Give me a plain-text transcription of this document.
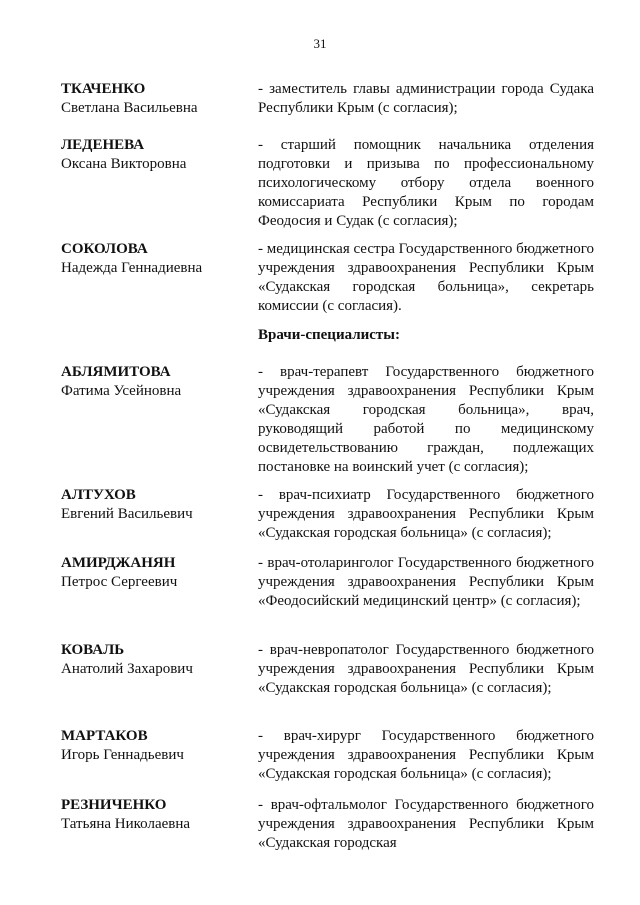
31
ТКАЧЕНКО
Светлана Васильевна
- заместитель главы администрации города Судака Республики Крым (с согласия);
ЛЕДЕНЕВА
Оксана Викторовна
- старший помощник начальника отделения подготовки и призыва по профессиональному психологическому отбору отдела военного комиссариата Республики Крым по городам Феодосия и Судак (с согласия);
СОКОЛОВА
Надежда Геннадиевна
- медицинская сестра Государственного бюджетного учреждения здравоохранения Республики Крым «Судакская городская больница», секретарь комиссии (с согласия).
Врачи-специалисты:
АБЛЯМИТОВА
Фатима Усейновна
- врач-терапевт Государственного бюджетного учреждения здравоохранения Республики Крым «Судакская городская больница», врач, руководящий работой по медицинскому освидетельствованию граждан, подлежащих постановке на воинский учет (с согласия);
АЛТУХОВ
Евгений Васильевич
- врач-психиатр Государственного бюджетного учреждения здравоохранения Республики Крым «Судакская городская больница» (с согласия);
АМИРДЖАНЯН
Петрос Сергеевич
- врач-отоларинголог Государственного бюджетного учреждения здравоохранения Республики Крым «Феодосийский медицинский центр» (с согласия);
КОВАЛЬ
Анатолий Захарович
- врач-невропатолог Государственного бюджетного учреждения здравоохранения Республики Крым «Судакская городская больница» (с согласия);
МАРТАКОВ
Игорь Геннадьевич
- врач-хирург Государственного бюджетного учреждения здравоохранения Республики Крым «Судакская городская больница» (с согласия);
РЕЗНИЧЕНКО
Татьяна Николаевна
- врач-офтальмолог Государственного бюджетного учреждения здравоохранения Республики Крым «Судакская городская
